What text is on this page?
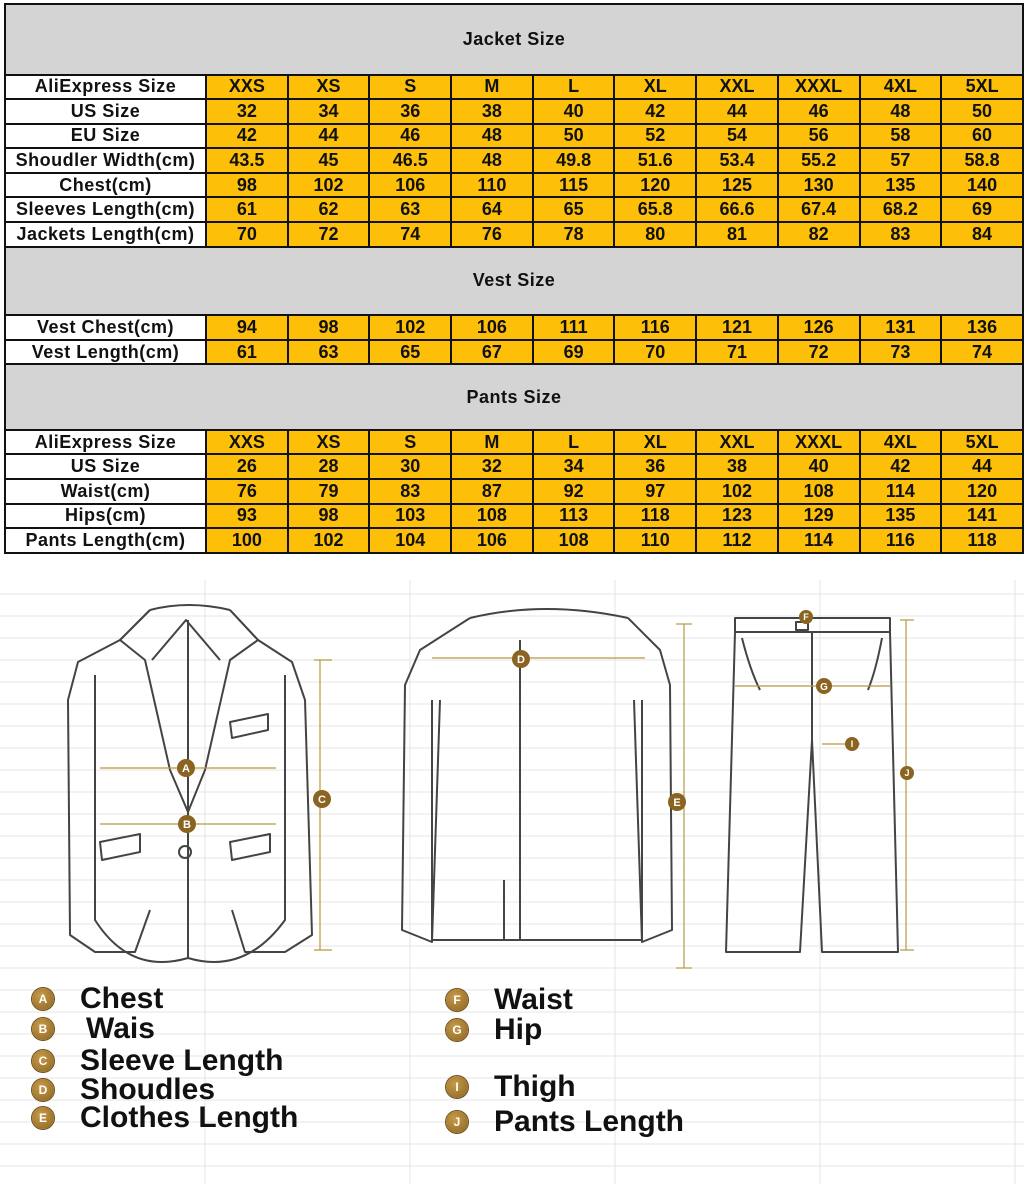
Jacket Size										
AliExpress Size	XXS	XS	S	M	L	XL	XXL	XXXL	4XL	5XL
US Size	32	34	36	38	40	42	44	46	48	50
EU Size	42	44	46	48	50	52	54	56	58	60
Shoudler Width(cm)	43.5	45	46.5	48	49.8	51.6	53.4	55.2	57	58.8
Chest(cm)	98	102	106	110	115	120	125	130	135	140
Sleeves Length(cm)	61	62	63	64	65	65.8	66.6	67.4	68.2	69
Jackets Length(cm)	70	72	74	76	78	80	81	82	83	84
Vest Size										
Vest Chest(cm)	94	98	102	106	111	116	121	126	131	136
Vest Length(cm)	61	63	65	67	69	70	71	72	73	74
Pants Size										
AliExpress Size	XXS	XS	S	M	L	XL	XXL	XXXL	4XL	5XL
US Size	26	28	30	32	34	36	38	40	42	44
Waist(cm)	76	79	83	87	92	97	102	108	114	120
Hips(cm)	93	98	103	108	113	118	123	129	135	141
Pants Length(cm)	100	102	104	106	108	110	112	114	116	118
A
B
C
D
E
F
G
I
J
A Chest
B Wais
C Sleeve Length
D Shoudles
E Clothes Length
F Waist
G Hip
I	Thigh
J Pants Length
